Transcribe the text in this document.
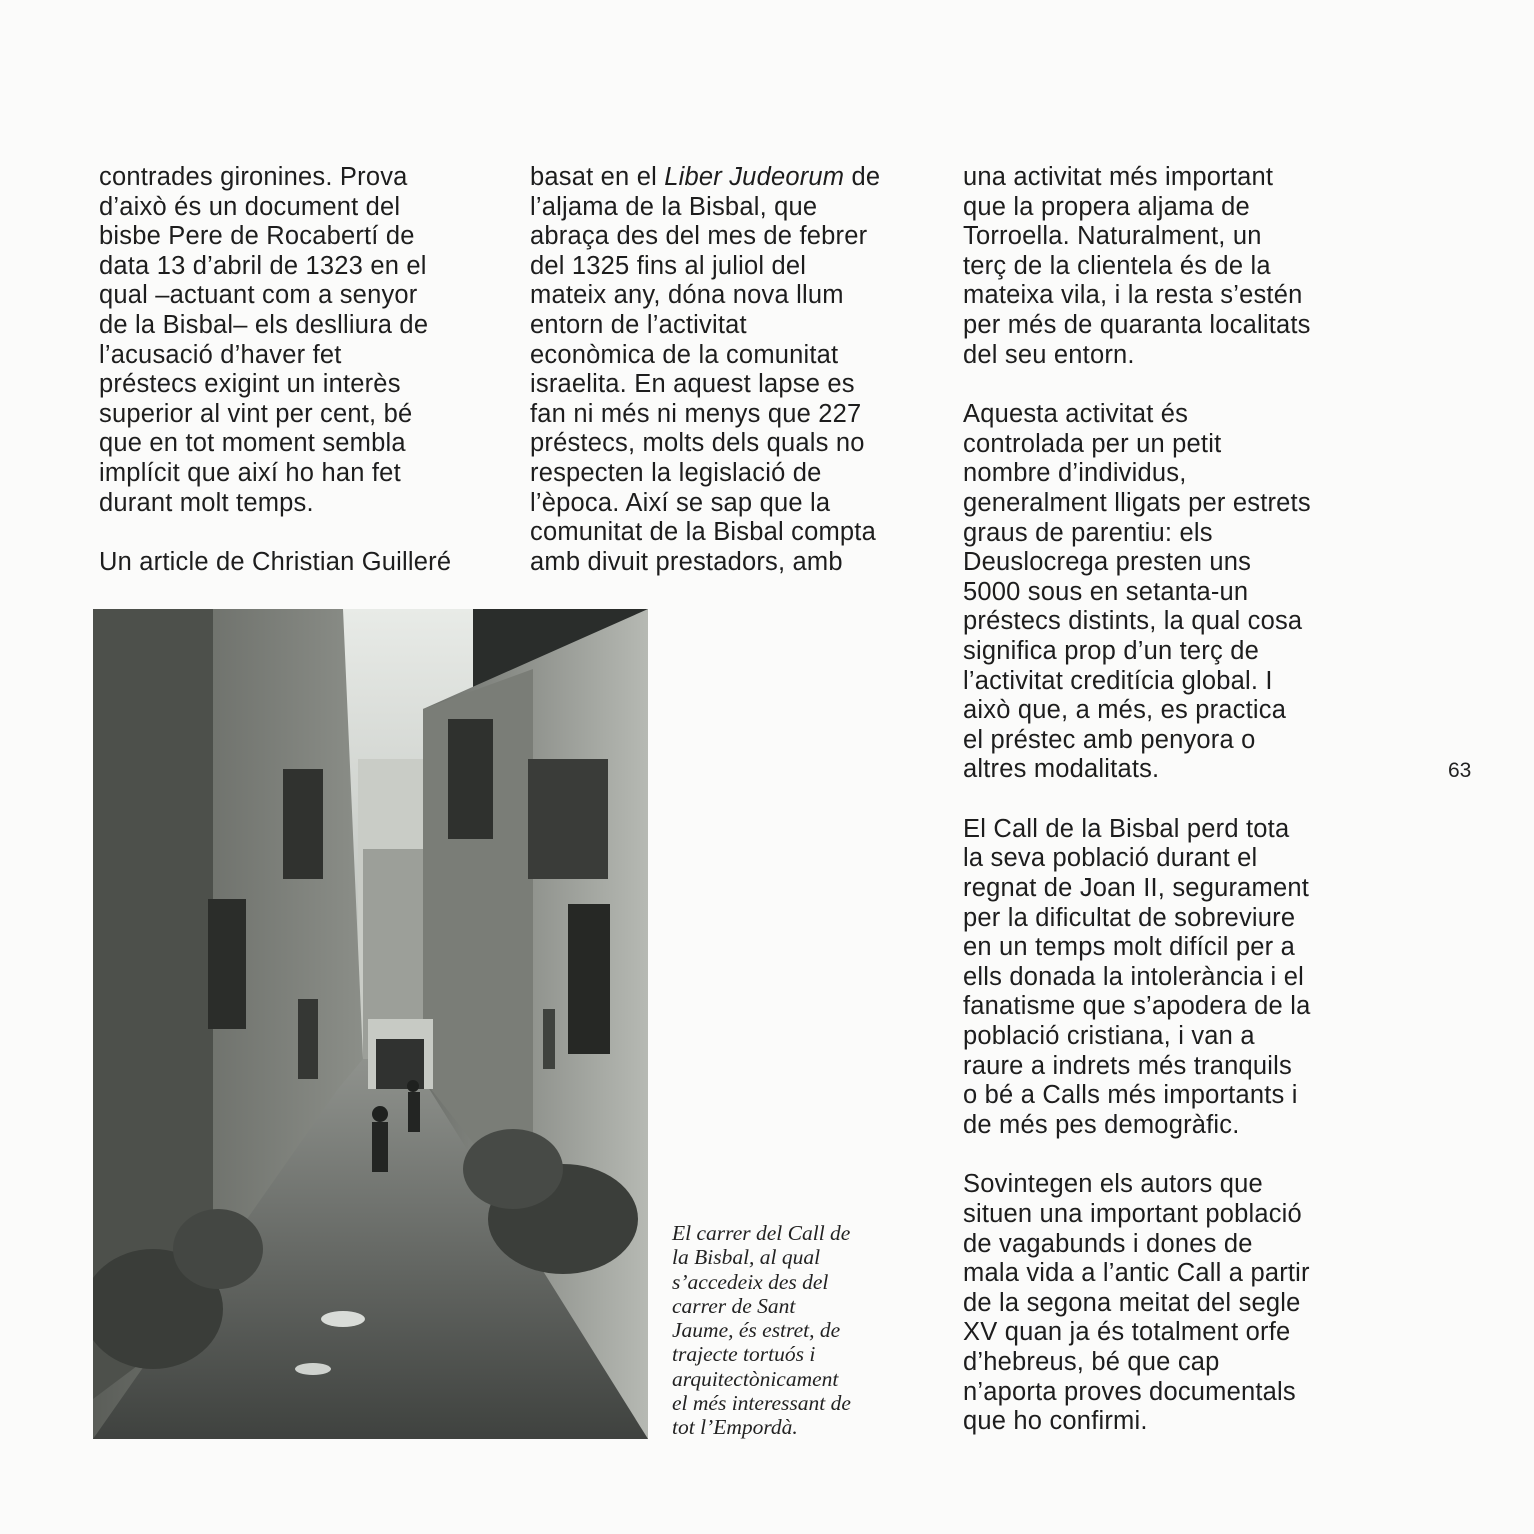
contrades gironines. Prova
d’això és un document del
bisbe Pere de Rocabertí de
data 13 d’abril de 1323 en el
qual –actuant com a senyor
de la Bisbal– els deslliura de
l’acusació d’haver fet
préstecs exigint un interès
superior al vint per cent, bé
que en tot moment sembla
implícit que així ho han fet
durant molt temps.

Un article de Christian Guilleré

basat en el Liber Judeorum de
l’aljama de la Bisbal, que
abraça des del mes de febrer
del 1325 fins al juliol del
mateix any, dóna nova llum
entorn de l’activitat
econòmica de la comunitat
israelita. En aquest lapse es
fan ni més ni menys que 227
préstecs, molts dels quals no
respecten la legislació de
l’època. Així se sap que la
comunitat de la Bisbal compta
amb divuit prestadors, amb

una activitat més important
que la propera aljama de
Torroella. Naturalment, un
terç de la clientela és de la
mateixa vila, i la resta s’estén
per més de quaranta localitats
del seu entorn.

Aquesta activitat és
controlada per un petit
nombre d’individus,
generalment lligats per estrets
graus de parentiu: els
Deuslocrega presten uns
5000 sous en setanta-un
préstecs distints, la qual cosa
significa prop d’un terç de
l’activitat creditícia global. I
això que, a més, es practica
el préstec amb penyora o
altres modalitats.

El Call de la Bisbal perd tota
la seva població durant el
regnat de Joan II, segurament
per la dificultat de sobreviure
en un temps molt difícil per a
ells donada la intolerància i el
fanatisme que s’apodera de la
població cristiana, i van a
raure a indrets més tranquils
o bé a Calls més importants i
de més pes demogràfic.

Sovintegen els autors que
situen una important població
de vagabunds i dones de
mala vida a l’antic Call a partir
de la segona meitat del segle
XV quan ja és totalment orfe
d’hebreus, bé que cap
n’aporta proves documentals
que ho confirmi.

El carrer del Call de
la Bisbal, al qual
s’accedeix des del
carrer de Sant
Jaume, és estret, de
trajecte tortuós i
arquitectònicament
el més interessant de
tot l’Empordà.
63
